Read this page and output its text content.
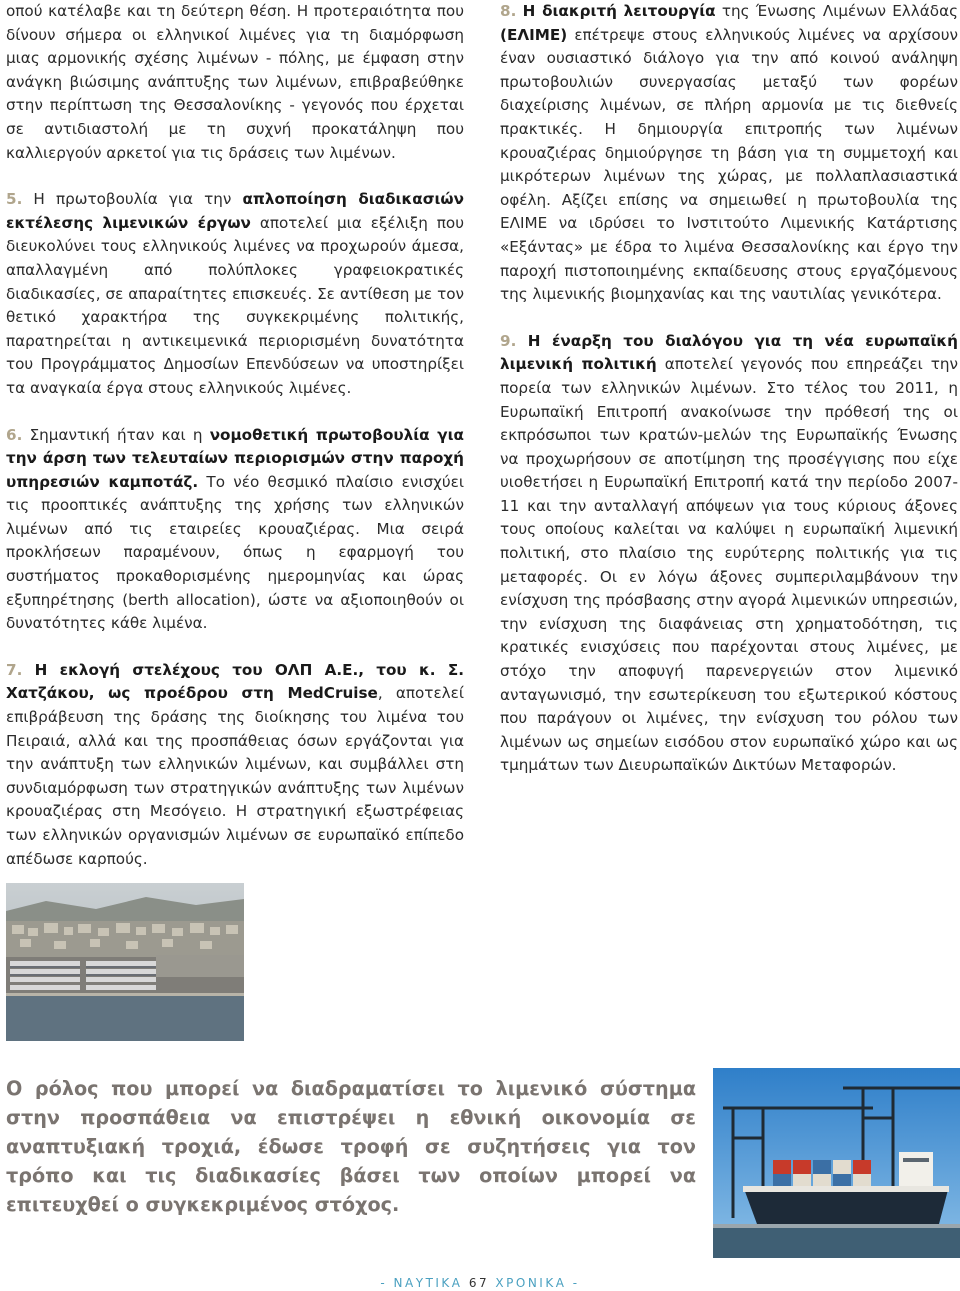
οπού κατέλαβε και τη δεύτερη θέση. Η προτεραιότητα που δίνουν σήμερα οι ελληνικοί λιμένες για τη διαμόρφωση μιας αρμονικής σχέσης λιμένων - πόλης, με έμφαση στην ανάγκη βιώσιμης ανάπτυξης των λιμένων, επιβραβεύθηκε στην περίπτωση της Θεσσαλονίκης - γεγονός που έρχεται σε αντιδιαστολή με τη συχνή προκατάληψη που καλλιεργούν αρκετοί για τις δράσεις των λιμένων.

5. Η πρωτοβουλία για την απλοποίηση διαδικασιών εκτέλεσης λιμενικών έργων αποτελεί μια εξέλιξη που διευκολύνει τους ελληνικούς λιμένες να προχωρούν άμεσα, απαλλαγμένη από πολύπλοκες γραφειοκρατικές διαδικασίες, σε απαραίτητες επισκευές. Σε αντίθεση με τον θετικό χαρακτήρα της συγκεκριμένης πολιτικής, παρατηρείται η αντικειμενικά περιορισμένη δυνατότητα του Προγράμματος Δημοσίων Επενδύσεων να υποστηρίξει τα αναγκαία έργα στους ελληνικούς λιμένες.

6. Σημαντική ήταν και η νομοθετική πρωτοβουλία για την άρση των τελευταίων περιορισμών στην παροχή υπηρεσιών καμποτάζ. Το νέο θεσμικό πλαίσιο ενισχύει τις προοπτικές ανάπτυξης της χρήσης των ελληνικών λιμένων από τις εταιρείες κρουαζιέρας. Μια σειρά προκλήσεων παραμένουν, όπως η εφαρμογή του συστήματος προκαθορισμένης ημερομηνίας και ώρας εξυπηρέτησης (berth allocation), ώστε να αξιοποιηθούν οι δυνατότητες κάθε λιμένα.

7. Η εκλογή στελέχους του ΟΛΠ Α.Ε., του κ. Σ. Χατζάκου, ως προέδρου στη MedCruise, αποτελεί επιβράβευση της δράσης της διοίκησης του λιμένα του Πειραιά, αλλά και της προσπάθειας όσων εργάζονται για την ανάπτυξη των ελληνικών λιμένων, και συμβάλλει στη συνδιαμόρφωση των στρατηγικών ανάπτυξης των λιμένων κρουαζιέρας στη Μεσόγειο. Η στρατηγική εξωστρέφειας των ελληνικών οργανισμών λιμένων σε ευρωπαϊκό επίπεδο απέδωσε καρπούς.

8. Η διακριτή λειτουργία της Ένωσης Λιμένων Ελλάδας (ΕΛΙΜΕ) επέτρεψε στους ελληνικούς λιμένες να αρχίσουν έναν ουσιαστικό διάλογο για την από κοινού ανάληψη πρωτοβουλιών συνεργασίας μεταξύ των φορέων διαχείρισης λιμένων, σε πλήρη αρμονία με τις διεθνείς πρακτικές. Η δημιουργία επιτροπής των λιμένων κρουαζιέρας δημιούργησε τη βάση για τη συμμετοχή και μικρότερων λιμένων της χώρας, με πολλαπλασιαστικά οφέλη. Αξίζει επίσης να σημειωθεί η πρωτοβουλία της ΕΛΙΜΕ να ιδρύσει το Ινστιτούτο Λιμενικής Κατάρτισης «Εξάντας» με έδρα το λιμένα Θεσσαλονίκης και έργο την παροχή πιστοποιημένης εκπαίδευσης στους εργαζόμενους της λιμενικής βιομηχανίας και της ναυτιλίας γενικότερα.

9. Η έναρξη του διαλόγου για τη νέα ευρωπαϊκή λιμενική πολιτική αποτελεί γεγονός που επηρεάζει την πορεία των ελληνικών λιμένων. Στο τέλος του 2011, η Ευρωπαϊκή Επιτροπή ανακοίνωσε την πρόθεσή της οι εκπρόσωποι των κρατών-μελών της Ευρωπαϊκής Ένωσης να προχωρήσουν σε αποτίμηση της προσέγγισης που είχε υιοθετήσει η Ευρωπαϊκή Επιτροπή κατά την περίοδο 2007-11 και την ανταλλαγή απόψεων για τους κύριους άξονες τους οποίους καλείται να καλύψει η ευρωπαϊκή λιμενική πολιτική, στο πλαίσιο της ευρύτερης πολιτικής για τις μεταφορές. Οι εν λόγω άξονες συμπεριλαμβάνουν την ενίσχυση της πρόσβασης στην αγορά λιμενικών υπηρεσιών, την ενίσχυση της διαφάνειας στη χρηματοδότηση, τις κρατικές ενισχύσεις που παρέχονται στους λιμένες, με στόχο την αποφυγή παρενεργειών στον λιμενικό ανταγωνισμό, την εσωτερίκευση του εξωτερικού κόστους που παράγουν οι λιμένες, την ενίσχυση του ρόλου των λιμένων ως σημείων εισόδου στον ευρωπαϊκό χώρο και ως τμημάτων των Διευρωπαϊκών Δικτύων Μεταφορών.

Ο ρόλος που μπορεί να διαδραματίσει το λιμενικό σύστημα στην προσπάθεια να επιστρέψει η εθνική οικονομία σε αναπτυξιακή τροχιά, έδωσε τροφή σε συζητήσεις για τον τρόπο και τις διαδικασίες βάσει των οποίων μπορεί να επιτευχθεί ο συγκεκριμένος στόχος.

- ΝΑΥΤΙΚΑ 67 ΧΡΟΝΙΚΑ -
